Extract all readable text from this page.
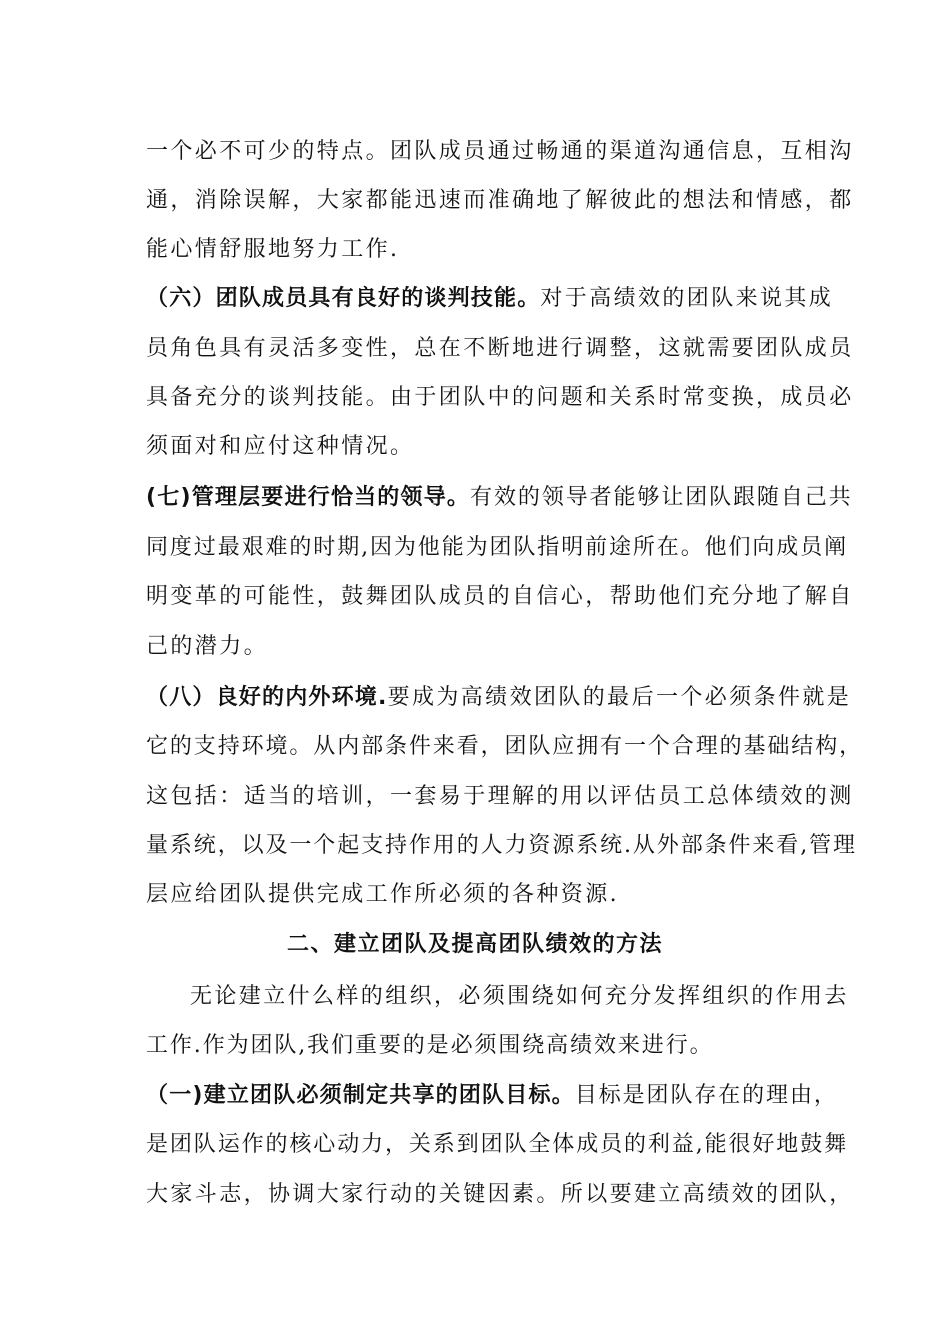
一个必不可少的特点。团队成员通过畅通的渠道沟通信息，互相沟
通，消除误解，大家都能迅速而准确地了解彼此的想法和情感，都
能心情舒服地努力工作.
（六）团队成员具有良好的谈判技能。对于高绩效的团队来说其成
员角色具有灵活多变性，总在不断地进行调整，这就需要团队成员
具备充分的谈判技能。由于团队中的问题和关系时常变换，成员必
须面对和应付这种情况。
(七)管理层要进行恰当的领导。有效的领导者能够让团队跟随自己共
同度过最艰难的时期,因为他能为团队指明前途所在。他们向成员阐
明变革的可能性，鼓舞团队成员的自信心，帮助他们充分地了解自
己的潜力。
（八）良好的内外环境.要成为高绩效团队的最后一个必须条件就是
它的支持环境。从内部条件来看，团队应拥有一个合理的基础结构，
这包括：适当的培训，一套易于理解的用以评估员工总体绩效的测
量系统，以及一个起支持作用的人力资源系统.从外部条件来看,管理
层应给团队提供完成工作所必须的各种资源.
二、建立团队及提高团队绩效的方法
无论建立什么样的组织，必须围绕如何充分发挥组织的作用去
工作.作为团队,我们重要的是必须围绕高绩效来进行。
（一)建立团队必须制定共享的团队目标。目标是团队存在的理由，
是团队运作的核心动力，关系到团队全体成员的利益,能很好地鼓舞
大家斗志，协调大家行动的关键因素。所以要建立高绩效的团队，
